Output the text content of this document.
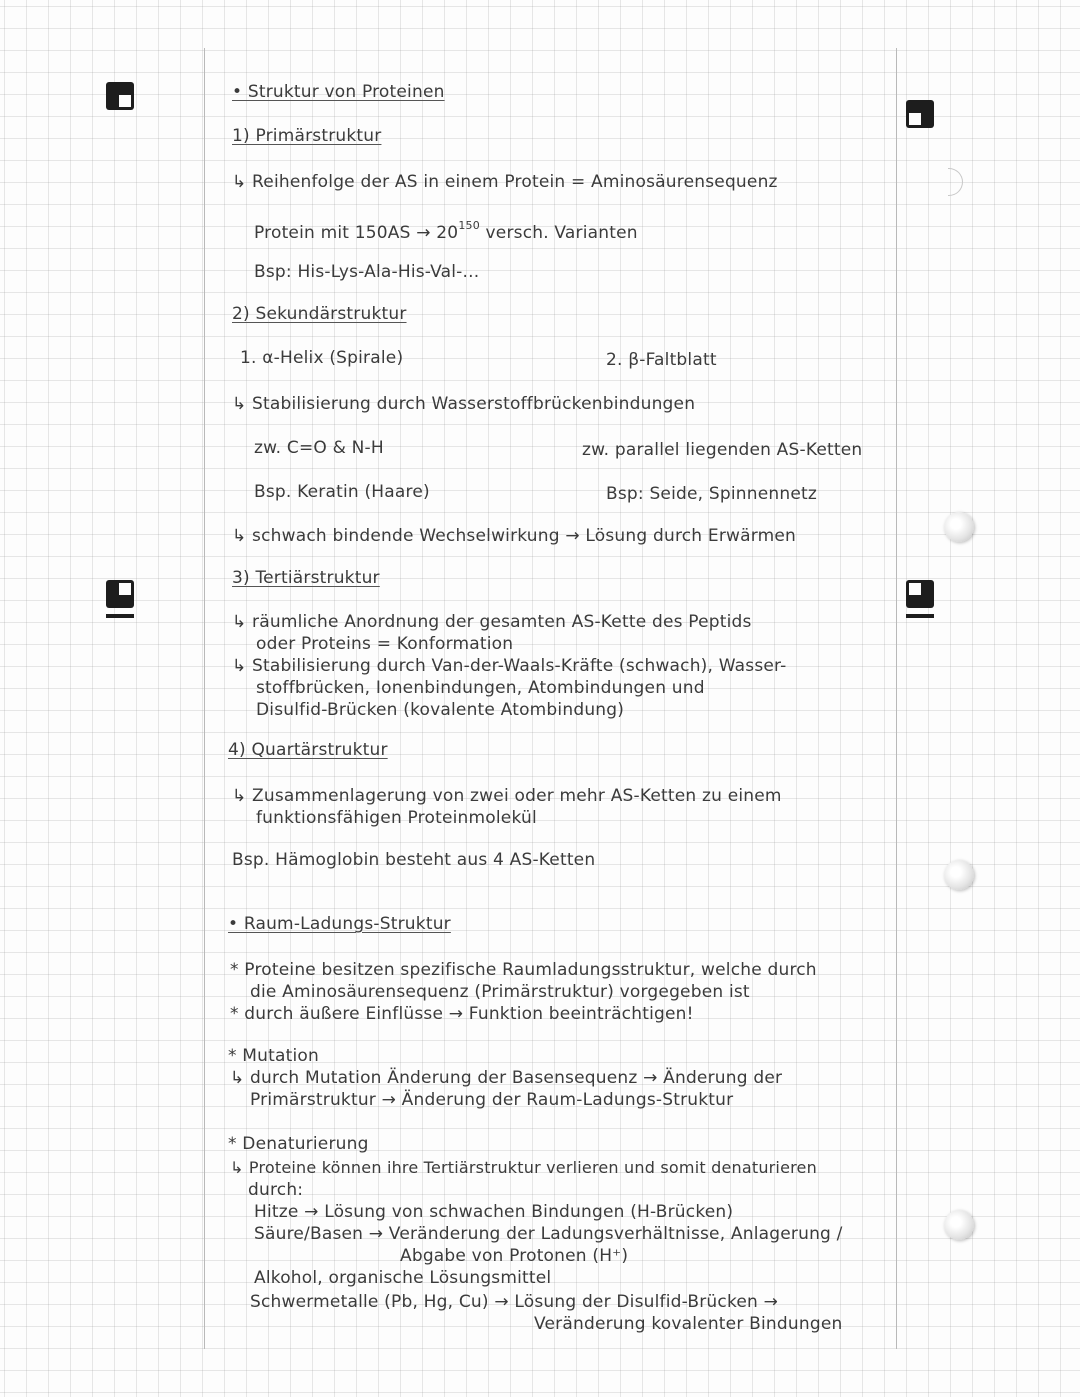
• Struktur von Proteinen
1) Primärstruktur
↳ Reihenfolge der AS in einem Protein = Aminosäurensequenz
Protein mit $150AS \to 20^{150}$ versch. Varianten
Bsp: His-Lys-Ala-His-Val-...
2) Sekundärstruktur
1. α-Helix (Spirale)	2. β-Faltblatt
↳ Stabilisierung durch Wasserstoffbrückenbindungen
zw. C=O & N-H	zw. parallel liegenden AS-Ketten
Bsp. Keratin (Haare)	Bsp: Seide, Spinnennetz
↳ schwach bindende Wechselwirkung → Lösung durch Erwärmen
3) Tertiärstruktur
↳ räumliche Anordnung der gesamten AS-Kette des Peptids
oder Proteins = Konformation
↳ Stabilisierung durch Van-der-Waals-Kräfte (schwach), Wasser-
stoffbrücken, Ionenbindungen, Atombindungen und
Disulfid-Brücken (kovalente Atombindung)
4) Quartärstruktur
↳ Zusammenlagerung von zwei oder mehr AS-Ketten zu einem
funktionsfähigen Proteinmolekül
Bsp. Hämoglobin besteht aus 4 AS-Ketten
• Raum-Ladungs-Struktur
* Proteine besitzen spezifische Raumladungsstruktur, welche durch
die Aminosäurensequenz (Primärstruktur) vorgegeben ist
* durch äußere Einflüsse → Funktion beeinträchtigen!
* Mutation
↳ durch Mutation Änderung der Basensequenz → Änderung der
Primärstruktur → Änderung der Raum-Ladungs-Struktur
* Denaturierung
↳ Proteine können ihre Tertiärstruktur verlieren und somit denaturieren
durch:
Hitze → Lösung von schwachen Bindungen (H-Brücken)
Säure/Basen → Veränderung der Ladungsverhältnisse, Anlagerung /
Abgabe von Protonen (H⁺)
Alkohol, organische Lösungsmittel
Schwermetalle (Pb, Hg, Cu) → Lösung der Disulfid-Brücken →
Veränderung kovalenter Bindungen
